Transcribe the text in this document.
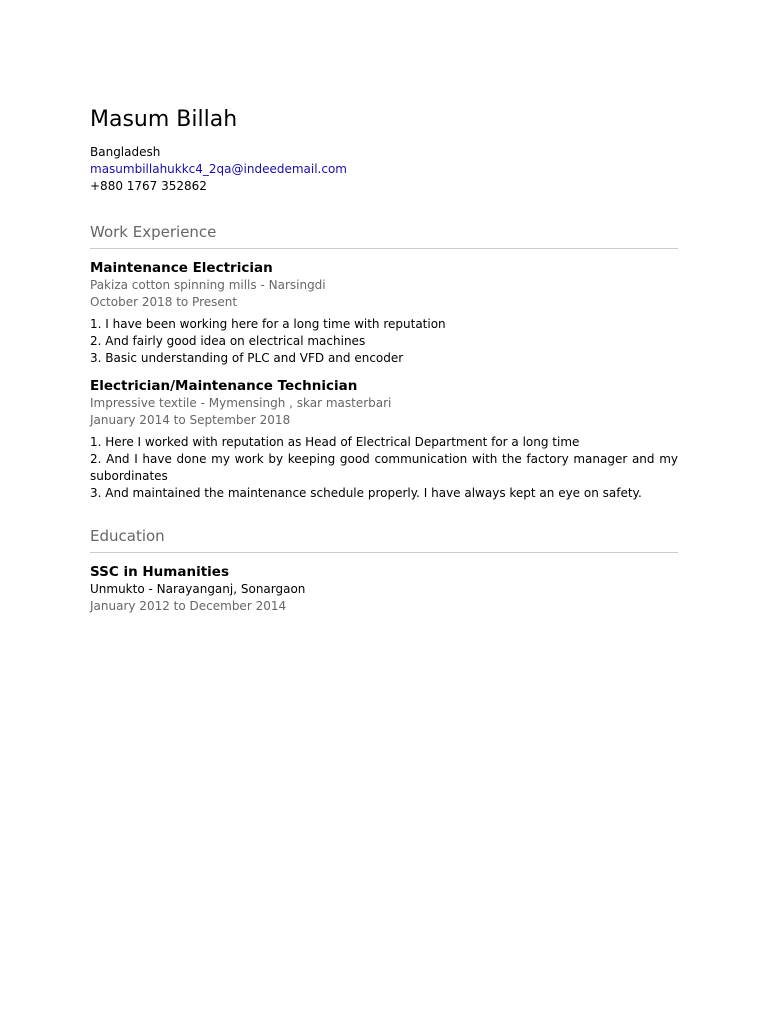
Masum Billah

Bangladesh

masumbillahukkc4_2qa@indeedemail.com

+880 1767 352862

Work Experience

Maintenance Electrician

Pakiza cotton spinning mills - Narsingdi

October 2018 to Present

1. I have been working here for a long time with reputation

2. And fairly good idea on electrical machines

3. Basic understanding of PLC and VFD and encoder

Electrician/Maintenance Technician

Impressive textile - Mymensingh , skar masterbari

January 2014 to September 2018

1. Here I worked with reputation as Head of Electrical Department for a long time

2. And I have done my work by keeping good communication with the factory manager and my subordinates

3. And maintained the maintenance schedule properly. I have always kept an eye on safety.

Education

SSC in Humanities

Unmukto - Narayanganj, Sonargaon

January 2012 to December 2014
